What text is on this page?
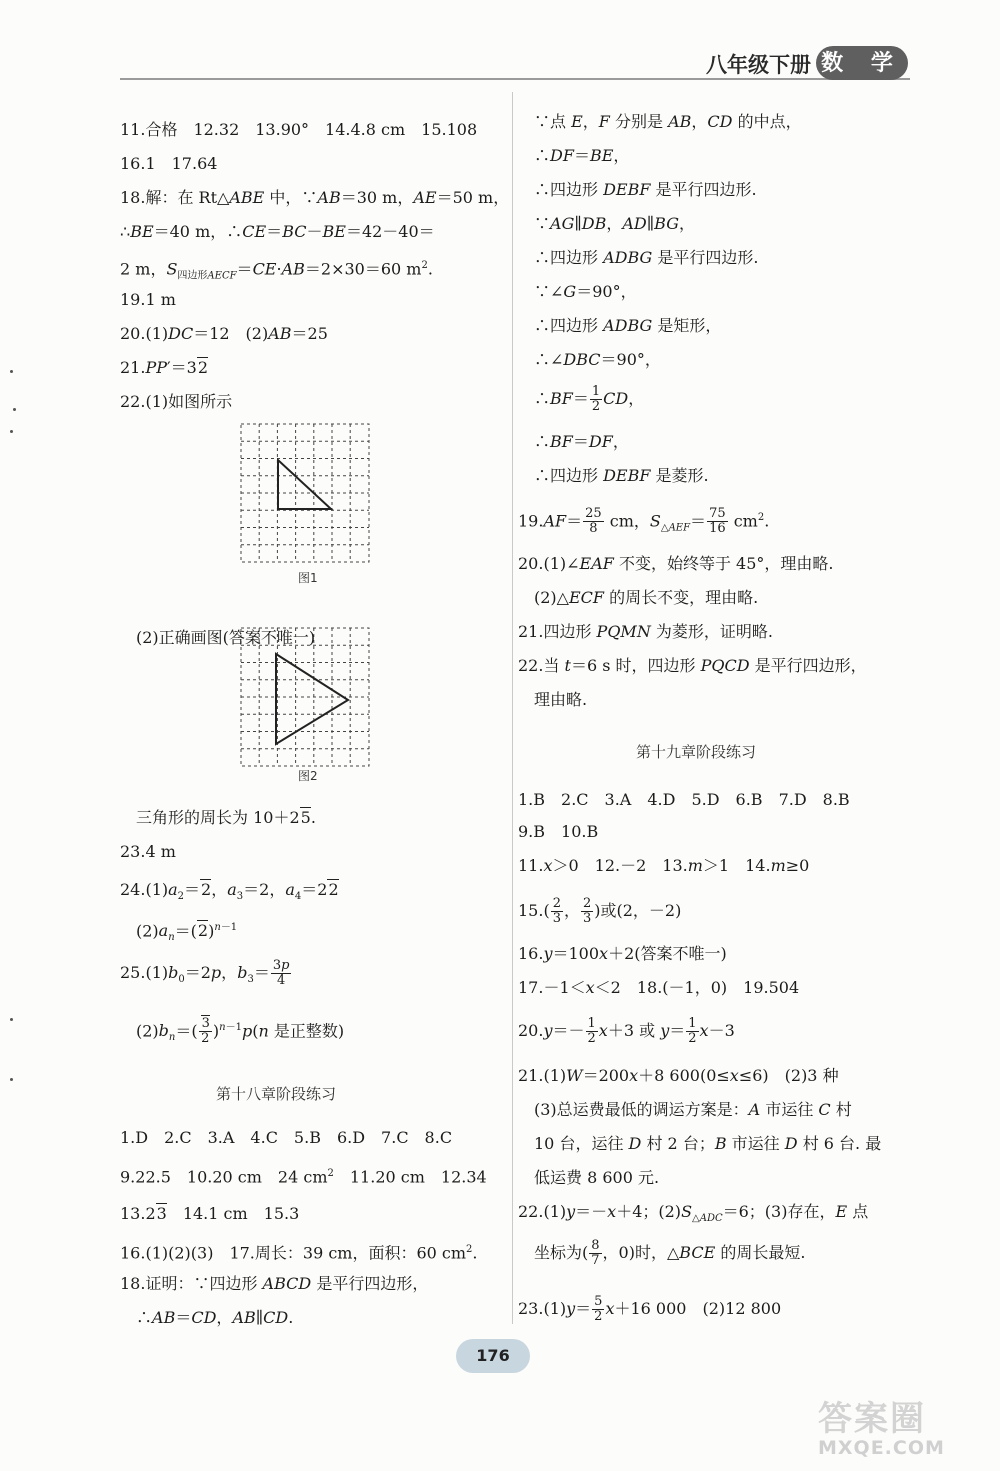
八年级下册 数 学
第十八章阶段练习
图1
图2
11.合格　12.32　13.90°　14.4.8 cm　15.108
16.1　17.64
18.解：在 Rt△ABE 中，∵AB＝30 m，AE＝50 m，
∴BE＝40 m，∴CE＝BC－BE＝42－40＝
2 m，$S_{四边形AECF}=CE\cdot AB=2\times 30=60$ $m^2$.
19.1 m
20.(1)DC＝12　(2)AB＝25
21.PP′＝32
22.(1)如图所示
　(2)正确画图(答案不唯一)
　三角形的周长为 10＋25.
23.4 m
$24.(1)a_2=2$，$a_3=2$，$a_4=22$
　$(2)a_n=(2)^{n-1}$
$25.(1)b_0=2p$，$b_3= \frac{3p}{4}$
　$(2)b_n=( \frac{3}{2} )^{n-1}p(n$ 是正整数)
1.D　2.C　3.A　4.C　5.B　6.D　7.C　8.C
9.22.5　10.20 cm　24 $cm^2$　11.20 cm　12.34
13.23　14.1 cm　15.3
16.(1)(2)(3)　17.周长：39 cm，面积：60 $cm^2$.
18.证明：∵四边形 ABCD 是平行四边形，
　∴AB＝CD，AB∥CD.
第十九章阶段练习
　∵点 E，F 分别是 AB，CD 的中点，
　∴DF＝BE，
　∴四边形 DEBF 是平行四边形.
　∵AG∥DB，AD∥BG，
　∴四边形 ADBG 是平行四边形.
　∵∠G＝90°，
　∴四边形 ADBG 是矩形，
　∴∠DBC＝90°，
　∴BF＝ $\frac{1}{2}$ CD，
　∴BF＝DF，
　∴四边形 DEBF 是菱形.
$19.AF= \frac{25}{8}$ cm，$S_{\triangle AEF}= \frac{75}{16} cm^2$.
20.(1)∠EAF 不变，始终等于 45°，理由略.
　(2)△ECF 的周长不变，理由略.
21.四边形 PQMN 为菱形，证明略.
22.当 t＝6 s 时，四边形 PQCD 是平行四边形，
　理由略.
1.B　2.C　3.A　4.D　5.D　6.B　7.D　8.B
9.B　10.B
11.x＞0　12.－2　13.m＞1　14.m≥0
$15.( \frac{2}{3}$ ， $\frac{2}{3}$ )或(2，－2)
16.y＝100x＋2(答案不唯一)
17.－1＜x＜2　18.(－1，0)　19.504
$20.y=- \frac{1}{2} x+3$ 或 $y= \frac{1}{2} x-3$
21.(1)W＝200x＋8 600(0≤x≤6)　(2)3 种
　(3)总运费最低的调运方案是：A 市运往 C 村
　10 台，运往 D 村 2 台；B 市运往 D 村 6 台. 最
　低运费 8 600 元.
22.(1)y＝－x＋4；$(2)S_{\triangle ADC}=6$；(3)存在，E 点
　坐标为( $\frac{8}{7}$ ，0)时，△BCE 的周长最短.
$23.(1)y= \frac{5}{2} x+16$ 000　(2)12 800
176
答案圈
MXQE.COM
